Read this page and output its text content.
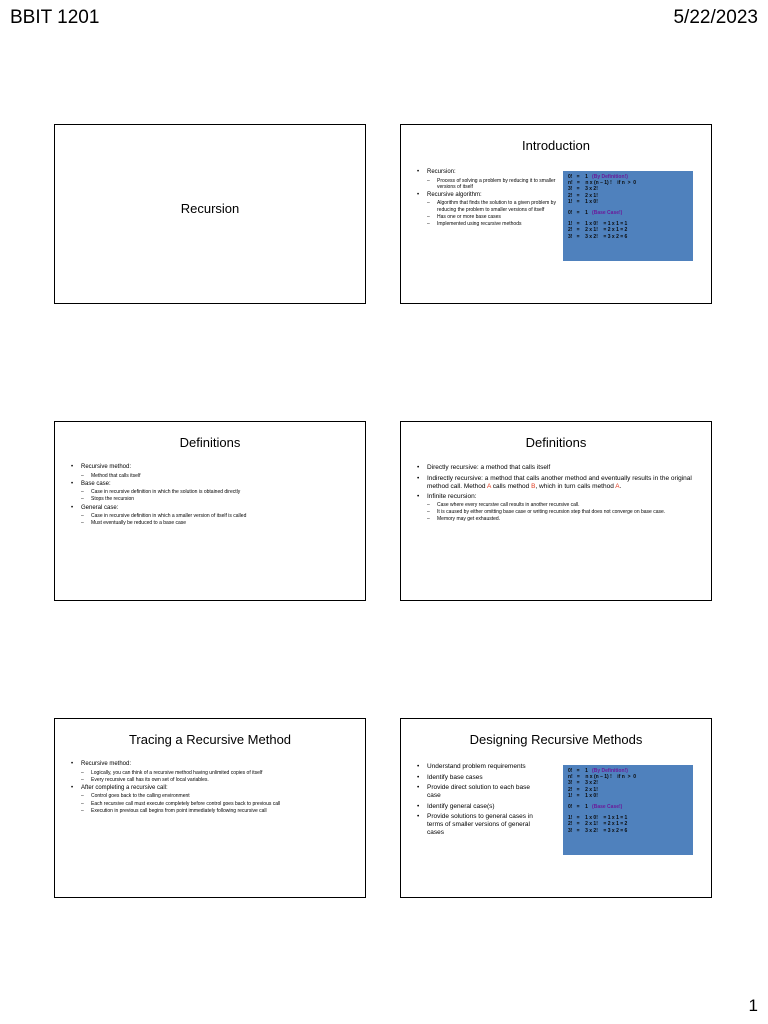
BBIT 1201	5/22/2023
Recursion
Introduction
• Recursion:
– Process of solving a problem by reducing it to smaller versions of itself
• Recursive algorithm:
– Algorithm that finds the solution to a given problem by reducing the problem to smaller versions of itself
– Has one or more base cases
– Implemented using recursive methods
0!   =    1   (By Definition!)
n!   =    n x (n – 1) !    if n  >  0
3!   =    3 x 2!
2!   =    2 x 1!
1!   =    1 x 0!
0!   =    1   (Base Case!)
1!   =    1 x 0!    = 1 x 1 = 1
2!   =    2 x 1!    = 2 x 1 = 2
3!   =    3 x 2!    = 3 x 2 = 6
Definitions
• Recursive method:
– Method that calls itself
• Base case:
– Case in recursive definition in which the solution is obtained directly
– Stops the recursion
• General case:
– Case in recursive definition in which a smaller version of itself is called
– Must eventually be reduced to a base case
Definitions
• Directly recursive: a method that calls itself
• Indirectly recursive: a method that calls another method and eventually results in the original method call. Method A calls method B, which in turn calls method A.
• Infinite recursion:
– Case where every recursive call results in another recursive call.
– It is caused by either omitting base case or writing recursion step that does not converge on base case.
– Memory may get exhausted.
Tracing a Recursive Method
• Recursive method:
– Logically, you can think of a recursive method having unlimited copies of itself
– Every recursive call has its own set of local variables.
• After completing a recursive call:
– Control goes back to the calling environment
– Each recursive call must execute completely before control goes back to previous call
– Execution in previous call begins from point immediately following recursive call
Designing Recursive Methods
• Understand problem requirements
• Identify base cases
• Provide direct solution to each base case
• Identify general case(s)
• Provide solutions to general cases in terms of smaller versions of general cases
0!   =    1   (By Definition!)
n!   =    n x (n – 1) !    if n  >  0
3!   =    3 x 2!
2!   =    2 x 1!
1!   =    1 x 0!
0!   =    1   (Base Case!)
1!   =    1 x 0!    = 1 x 1 = 1
2!   =    2 x 1!    = 2 x 1 = 2
3!   =    3 x 2!    = 3 x 2 = 6
1
